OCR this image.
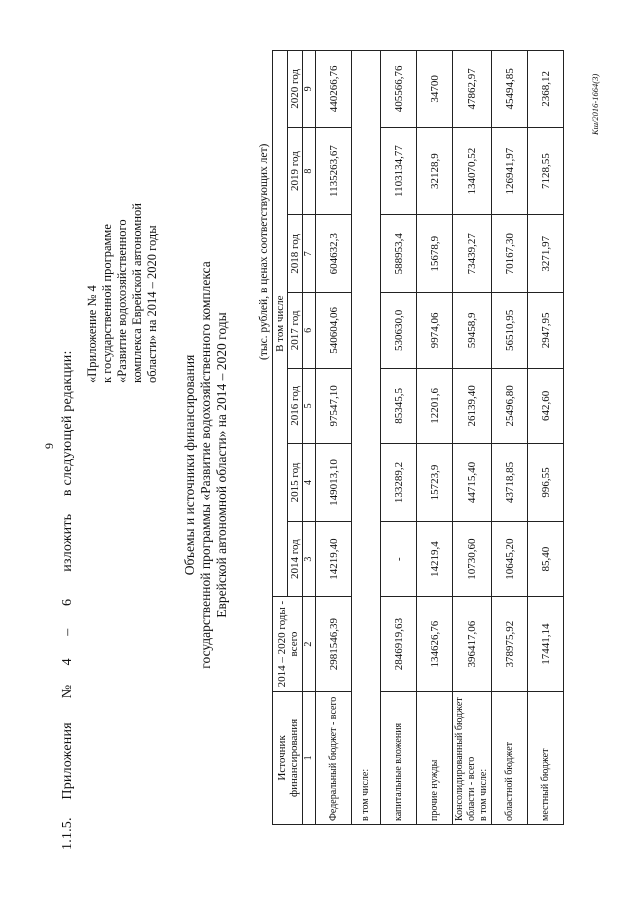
9
1.1.5. Приложения № 4 – 6 изложить в следующей редакции:
«Приложение № 4 к государственной программе «Развитие водохозяйственного комплекса Еврейской автономной области» на 2014 – 2020 годы
Объемы и источники финансирования государственной программы «Развитие водохозяйственного комплекса Еврейской автономной области» на 2014 – 2020 годы
(тыс. рублей, в ценах соответствующих лет)
Источник финансирования	2014 – 2020 годы - всего	В том числе						
		2014 год	2015 год	2016 год	2017 год	2018 год	2019 год	2020 год
1	2	3	4	5	6	7	8	9
Федеральный бюджет - всего	2981546,39	14219,40	149013,10	97547,10	540604,06	604632,3	1135263,67	440266,76
в том числе:								
капитальные вложения	2846919,63	-	133289,2	85345,5	530630,0	588953,4	1103134,77	405566,76
прочие нужды	134626,76	14219,4	15723,9	12201,6	9974,06	15678,9	32128,9	34700

Консолидированный бюджет области - всего в том числе:	396417,06	10730,60	44715,40	26139,40	59458,9	73439,27	134070,52	47862,97
областной бюджет	378975,92	10645,20	43718,85	25496,80	56510,95	70167,30	126941,97	45494,85
местный бюджет	17441,14	85,40	996,55	642,60	2947,95	3271,97	7128,55	2368,12	Кш/2016-1664(3)
